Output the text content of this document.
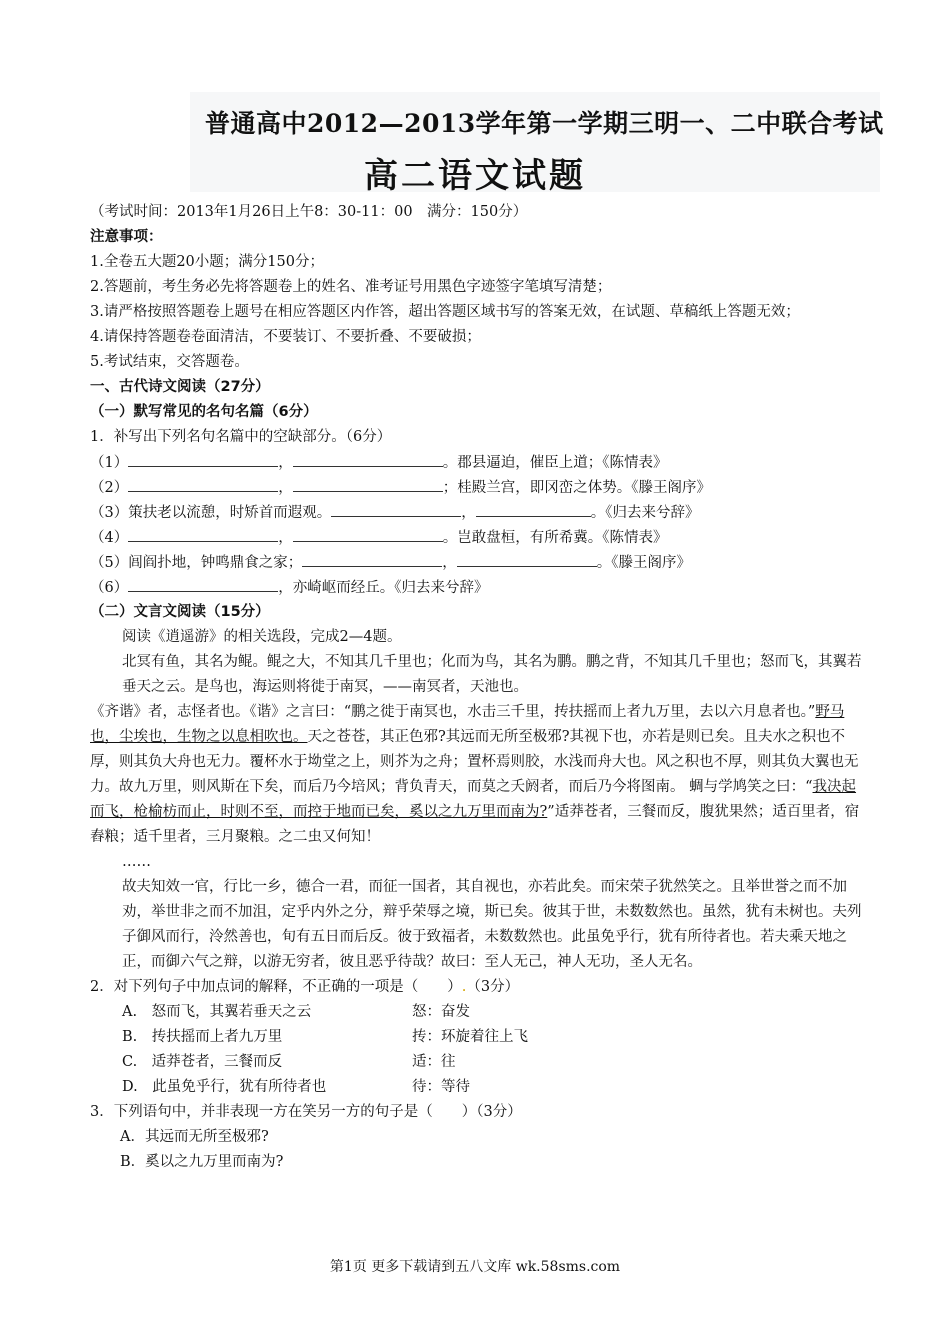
普通高中2012—2013学年第一学期三明一、二中联合考试
高二语文试题
（考试时间：2013年1月26日上午8：30-11：00　满分：150分）
注意事项：
1.全卷五大题20小题；满分150分；
2.答题前，考生务必先将答题卷上的姓名、准考证号用黑色字迹签字笔填写清楚；
3.请严格按照答题卷上题号在相应答题区内作答，超出答题区域书写的答案无效，在试题、草稿纸上答题无效；
4.请保持答题卷卷面清洁，不要装订、不要折叠、不要破损；
5.考试结束，交答题卷。
一、古代诗文阅读（27分）
（一）默写常见的名句名篇（6分）
1．补写出下列名句名篇中的空缺部分。（6分）
（1）	，	。郡县逼迫，催臣上道；《陈情表》
（2）	，	；桂殿兰宫，即冈峦之体势。《滕王阁序》
（3）策扶老以流憩，时矫首而遐观。	，	。《归去来兮辞》
（4）	，	。岂敢盘桓，有所希冀。《陈情表》
（5）闾阎扑地，钟鸣鼎食之家；	，	。《滕王阁序》
（6）	，亦崎岖而经丘。《归去来兮辞》
（二）文言文阅读（15分）
阅读《逍遥游》的相关选段，完成2—4题。
北冥有鱼，其名为鲲。鲲之大，不知其几千里也；化而为鸟，其名为鹏。鹏之背，不知其几千里也；怒而飞，其翼若垂天之云。是鸟也，海运则将徙于南冥，——南冥者，天池也。
《齐谐》者，志怪者也。《谐》之言曰：“鹏之徙于南冥也，水击三千里，抟扶摇而上者九万里，去以六月息者也。”野马也，尘埃也，生物之以息相吹也。天之苍苍，其正色邪?其远而无所至极邪?其视下也，亦若是则已矣。且夫水之积也不厚，则其负大舟也无力。覆杯水于坳堂之上，则芥为之舟；置杯焉则胶，水浅而舟大也。风之积也不厚，则其负大翼也无力。故九万里，则风斯在下矣，而后乃今培风；背负青天，而莫之夭阏者，而后乃今将图南。 蜩与学鸠笑之曰：“我决起而飞，枪榆枋而止，时则不至，而控于地而已矣，奚以之九万里而南为?”适莽苍者，三餐而反，腹犹果然；适百里者，宿舂粮；适千里者，三月聚粮。之二虫又何知！
……
故夫知效一官，行比一乡，德合一君，而征一国者，其自视也，亦若此矣。而宋荣子犹然笑之。且举世誉之而不加劝，举世非之而不加沮，定乎内外之分，辩乎荣辱之境，斯已矣。彼其于世，未数数然也。虽然，犹有未树也。夫列子御风而行，泠然善也，旬有五日而后反。彼于致福者，未数数然也。此虽免乎行，犹有所待者也。若夫乘天地之正，而御六气之辩，以游无穷者，彼且恶乎待哉？故曰：至人无己，神人无功，圣人无名。
2．对下列句子中加点词的解释，不正确的一项是（　　）.（3分）
A.　怒而飞，其翼若垂天之云	怒：奋发
B.　抟扶摇而上者九万里	抟：环旋着往上飞
C.　适莽苍者，三餐而反	适：往
D.　此虽免乎行，犹有所待者也	待：等待
3．下列语句中，并非表现一方在笑另一方的句子是（　　）（3分）
A．其远而无所至极邪?
B．奚以之九万里而南为?
第1页 更多下载请到五八文库 wk.58sms.com
